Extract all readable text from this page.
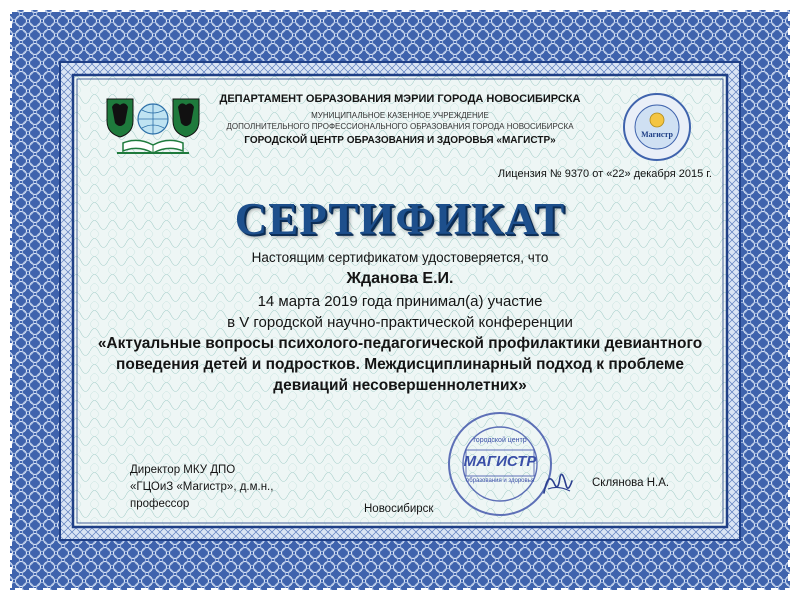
Магистр
ДЕПАРТАМЕНТ ОБРАЗОВАНИЯ МЭРИИ ГОРОДА НОВОСИБИРСКА
МУНИЦИПАЛЬНОЕ КАЗЕННОЕ УЧРЕЖДЕНИЕ
ДОПОЛНИТЕЛЬНОГО ПРОФЕССИОНАЛЬНОГО ОБРАЗОВАНИЯ ГОРОДА НОВОСИБИРСКА
ГОРОДСКОЙ ЦЕНТР ОБРАЗОВАНИЯ И ЗДОРОВЬЯ «МАГИСТР»
Лицензия № 9370 от «22» декабря 2015 г.
СЕРТИФИКАТ
Настоящим сертификатом удостоверяется, что
Жданова Е.И.
14 марта 2019 года принимал(а) участие
в V городской научно-практической конференции
«Актуальные вопросы психолого-педагогической профилактики девиантного поведения детей и подростков. Междисциплинарный подход к проблеме девиаций несовершеннолетних»
Директор МКУ ДПО
«ГЦОиЗ «Магистр», д.м.н.,
профессор	Новосибирск
Склянова Н.А.
городской центр
МАГИСТР
образования и здоровья
